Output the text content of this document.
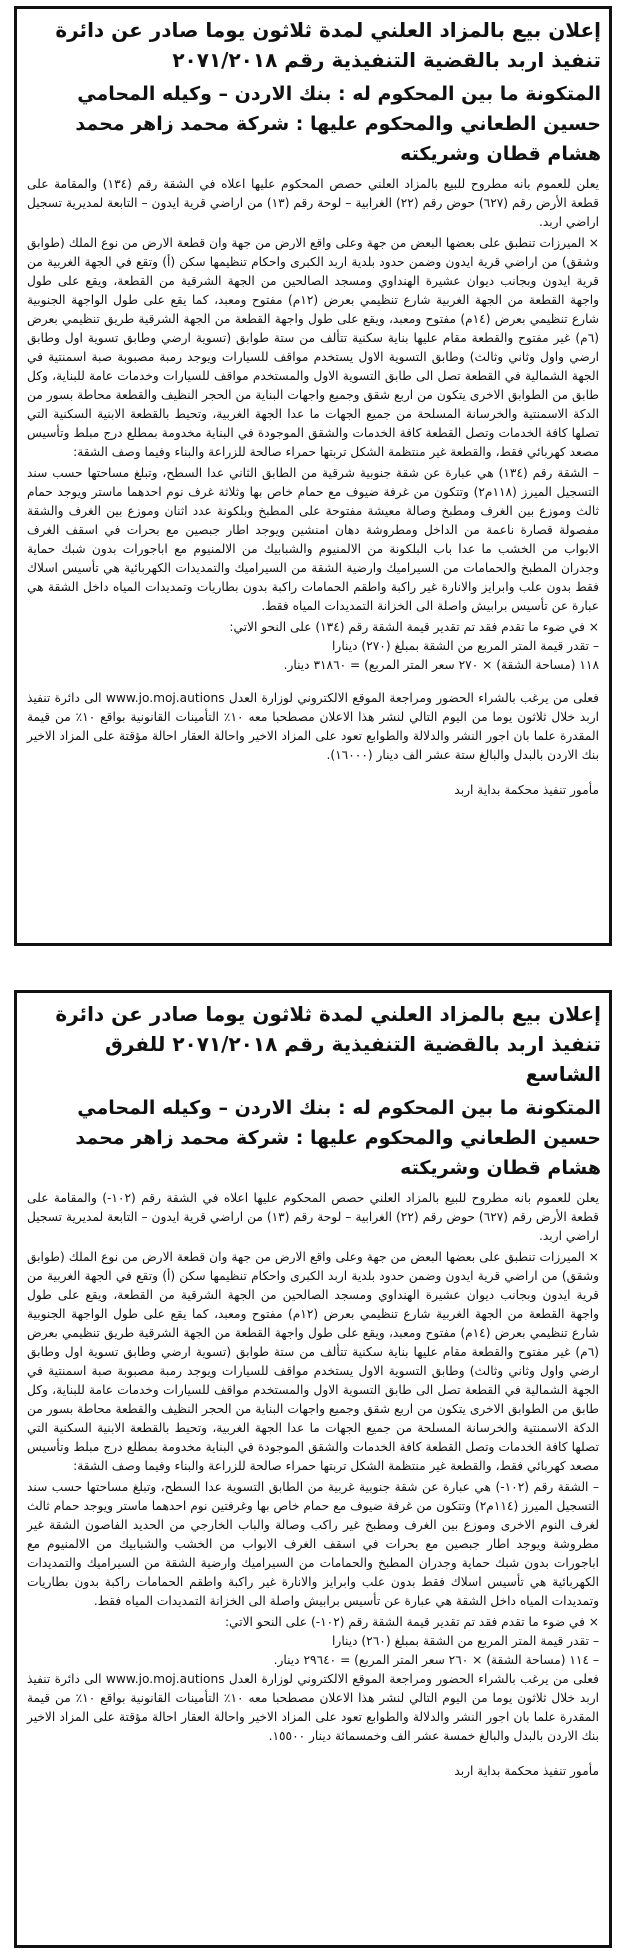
إعلان بيع بالمزاد العلني لمدة ثلاثون يوما صادر عن دائرة تنفيذ اربد بالقضية التنفيذية رقم ٢٠٧١/٢٠١٨
المتكونة ما بين المحكوم له : بنك الاردن – وكيله المحامي حسين الطعاني والمحكوم عليها : شركة محمد زاهر محمد هشام قطان وشريكته

يعلن للعموم بانه مطروح للبيع بالمزاد العلني حصص المحكوم عليها اعلاه في الشقة رقم (١٣٤) والمقامة على قطعة الأرض رقم (٦٢٧) حوض رقم (٢٢) الغرابية – لوحة رقم (١٣) من اراضي قرية ايدون – التابعة لمديرية تسجيل اراضي اربد.

× الميرزات تنطبق على بعضها البعض من جهة وعلى واقع الارض من جهة وان قطعة الارض من نوع الملك (طوابق وشقق) من اراضي قرية ايدون وضمن حدود بلدية اربد الكبرى واحكام تنظيمها سكن (أ) وتقع في الجهة الغربية من قرية ايدون وبجانب ديوان عشيرة الهنداوي ومسجد الصالحين من الجهة الشرقية من القطعة، ويقع على طول واجهة القطعة من الجهة الغربية شارع تنظيمي بعرض (١٢م) مفتوح ومعبد، كما يقع على طول الواجهة الجنوبية شارع تنظيمي بعرض (١٤م) مفتوح ومعبد، ويقع على طول واجهة القطعة من الجهة الشرقية طريق تنظيمي بعرض (٦م) غير مفتوح والقطعة مقام عليها بناية سكنية تتألف من ستة طوابق (تسوية ارضي وطابق تسوية اول وطابق ارضي واول وثاني وثالث) وطابق التسوية الاول يستخدم مواقف للسيارات ويوجد رمبة مصبوبة صبة اسمنتية في الجهة الشمالية في القطعة تصل الى طابق التسوية الاول والمستخدم مواقف للسيارات وخدمات عامة للبناية، وكل طابق من الطوابق الاخرى يتكون من اربع شقق وجميع واجهات البناية من الحجر النظيف والقطعة محاطة بسور من الدكة الاسمنتية والخرسانة المسلحة من جميع الجهات ما عدا الجهة الغربية، وتحيط بالقطعة الابنية السكنية التي تصلها كافة الخدمات وتصل القطعة كافة الخدمات والشقق الموجودة في البناية مخدومة بمطلع درج مبلط وتأسيس مصعد كهربائي فقط، والقطعة غير منتظمة الشكل تربتها حمراء صالحة للزراعة والبناء وفيما وصف الشقة:

– الشقة رقم (١٣٤) هي عبارة عن شقة جنوبية شرقية من الطابق الثاني عدا السطح، وتبلغ مساحتها حسب سند التسجيل الميرز (١١٨م٢) وتتكون من غرفة ضيوف مع حمام خاص بها وثلاثة غرف نوم احدهما ماستر ويوجد حمام ثالث وموزع بين الغرف ومطبخ وصالة معيشة مفتوحة على المطبخ وبلكونة عدد اثنان وموزع بين الغرف والشقة مفصولة قصارة ناعمة من الداخل ومطروشة دهان امنشين ويوجد اطار جبصين مع بحرات في اسقف الغرف الابواب من الخشب ما عدا باب البلكونة من الالمنيوم والشبابيك من الالمنيوم مع اباجورات بدون شبك حماية وجدران المطبخ والحمامات من السيراميك وارضية الشقة من السيراميك والتمديدات الكهربائية هي تأسيس اسلاك فقط بدون علب وابرايز والانارة غير راكبة واطقم الحمامات راكبة بدون بطاريات وتمديدات المياه داخل الشقة هي عبارة عن تأسيس برابيش واصلة الى الخزانة التمديدات المياه فقط.

× في ضوء ما تقدم فقد تم تقدير قيمة الشقة رقم (١٣٤) على النحو الاتي:

– تقدر قيمة المتر المربع من الشقة بمبلغ (٢٧٠) دينارا

١١٨ (مساحة الشقة) × ٢٧٠ سعر المتر المربع) = ٣١٨٦٠ دينار.

فعلى من يرغب بالشراء الحضور ومراجعة الموقع الالكتروني لوزارة العدل www.jo.moj.autions الى دائرة تنفيذ اربد خلال ثلاثون يوما من اليوم التالي لنشر هذا الاعلان مصطحبا معه ١٠٪ التأمينات القانونية بواقع ١٠٪ من قيمة المقدرة علما بان اجور النشر والدلالة والطوابع تعود على المزاد الاخير واحالة العقار احالة مؤقتة على المزاد الاخير بنك الاردن بالبدل والبالغ ستة عشر الف دينار (١٦٠٠٠).

مأمور تنفيذ محكمة بداية اربد
إعلان بيع بالمزاد العلني لمدة ثلاثون يوما صادر عن دائرة تنفيذ اربد بالقضية التنفيذية رقم ٢٠٧١/٢٠١٨ للفرق الشاسع
المتكونة ما بين المحكوم له : بنك الاردن – وكيله المحامي حسين الطعاني والمحكوم عليها : شركة محمد زاهر محمد هشام قطان وشريكته

يعلن للعموم بانه مطروح للبيع بالمزاد العلني حصص المحكوم عليها اعلاه في الشقة رقم (١٠٢-) والمقامة على قطعة الأرض رقم (٦٢٧) حوض رقم (٢٢) الغرابية – لوحة رقم (١٣) من اراضي قرية ايدون – التابعة لمديرية تسجيل اراضي اربد.

× الميرزات تنطبق على بعضها البعض من جهة وعلى واقع الارض من جهة وان قطعة الارض من نوع الملك (طوابق وشقق) من اراضي قرية ايدون وضمن حدود بلدية اربد الكبرى واحكام تنظيمها سكن (أ) وتقع في الجهة الغربية من قرية ايدون وبجانب ديوان عشيرة الهنداوي ومسجد الصالحين من الجهة الشرقية من القطعة، ويقع على طول واجهة القطعة من الجهة الغربية شارع تنظيمي بعرض (١٢م) مفتوح ومعبد، كما يقع على طول الواجهة الجنوبية شارع تنظيمي بعرض (١٤م) مفتوح ومعبد، ويقع على طول واجهة القطعة من الجهة الشرقية طريق تنظيمي بعرض (٦م) غير مفتوح والقطعة مقام عليها بناية سكنية تتألف من ستة طوابق (تسوية ارضي وطابق تسوية اول وطابق ارضي واول وثاني وثالث) وطابق التسوية الاول يستخدم مواقف للسيارات ويوجد رمبة مصبوبة صبة اسمنتية في الجهة الشمالية في القطعة تصل الى طابق التسوية الاول والمستخدم مواقف للسيارات وخدمات عامة للبناية، وكل طابق من الطوابق الاخرى يتكون من اربع شقق وجميع واجهات البناية من الحجر النظيف والقطعة محاطة بسور من الدكة الاسمنتية والخرسانة المسلحة من جميع الجهات ما عدا الجهة الغربية، وتحيط بالقطعة الابنية السكنية التي تصلها كافة الخدمات وتصل القطعة كافة الخدمات والشقق الموجودة في البناية مخدومة بمطلع درج مبلط وتأسيس مصعد كهربائي فقط، والقطعة غير منتظمة الشكل تربتها حمراء صالحة للزراعة والبناء وفيما وصف الشقة:

– الشقة رقم (١٠٢-) هي عبارة عن شقة جنوبية غربية من الطابق التسوية عدا السطح، وتبلغ مساحتها حسب سند التسجيل الميرز (١١٤م٢) وتتكون من غرفة ضيوف مع حمام خاص بها وغرفتين نوم احدهما ماستر ويوجد حمام ثالث لغرف النوم الاخرى وموزع بين الغرف ومطبخ غير راكب وصالة والباب الخارجي من الحديد الفاصون الشقة غير مطروشة ويوجد اطار جبصين مع بحرات في اسقف الغرف الابواب من الخشب والشبابيك من الالمنيوم مع اباجورات بدون شبك حماية وجدران المطبخ والحمامات من السيراميك وارضية الشقة من السيراميك والتمديدات الكهربائية هي تأسيس اسلاك فقط بدون علب وابرايز والانارة غير راكبة واطقم الحمامات راكبة بدون بطاريات وتمديدات المياه داخل الشقة هي عبارة عن تأسيس برابيش واصلة الى الخزانة التمديدات المياه فقط.

× في ضوء ما تقدم فقد تم تقدير قيمة الشقة رقم (١٠٢-) على النحو الاتي:

– تقدر قيمة المتر المربع من الشقة بمبلغ (٢٦٠) دينارا

– ١١٤ (مساحة الشقة) × ٢٦٠ سعر المتر المربع) = ٢٩٦٤٠ دينار.

فعلى من يرغب بالشراء الحضور ومراجعة الموقع الالكتروني لوزارة العدل www.jo.moj.autions الى دائرة تنفيذ اربد خلال ثلاثون يوما من اليوم التالي لنشر هذا الاعلان مصطحبا معه ١٠٪ التأمينات القانونية بواقع ١٠٪ من قيمة المقدرة علما بان اجور النشر والدلالة والطوابع تعود على المزاد الاخير واحالة العقار احالة مؤقتة على المزاد الاخير بنك الاردن بالبدل والبالغ خمسة عشر الف وخمسمائة دينار ١٥٥٠٠.

مأمور تنفيذ محكمة بداية اربد
